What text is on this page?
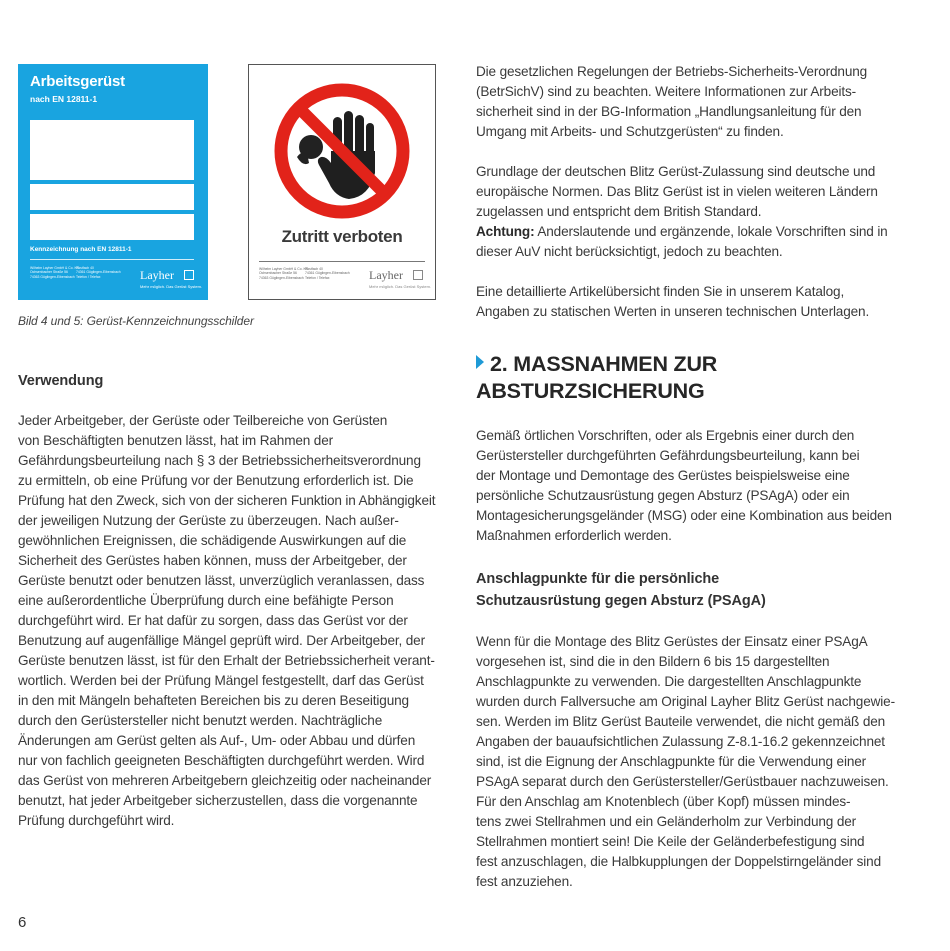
Arbeitsgerüst
nach EN 12811-1
Kennzeichnung nach EN 12811-1
Wilhelm Layher GmbH & Co. KG
Ochsenbacher Straße 56
74363 Güglingen-Eibensbach
Postfach 40
74361 Güglingen-Eibensbach
Telefon / Telefax	Layher
Mehr möglich. Das Gerüst System.
Zutritt verboten
Wilhelm Layher GmbH & Co. KG
Ochsenbacher Straße 56
74363 Güglingen-Eibensbach
Postfach 40
74361 Güglingen-Eibensbach
Telefon / Telefax	Layher
Mehr möglich. Das Gerüst System.
Bild 4 und 5: Gerüst-Kennzeichnungsschilder
Verwendung
Jeder Arbeitgeber, der Gerüste oder Teilbereiche von Gerüsten
von Beschäftigten benutzen lässt, hat im Rahmen der
Gefährdungsbeurteilung nach § 3 der Betriebssicherheitsverordnung
zu ermitteln, ob eine Prüfung vor der Benutzung erforderlich ist. Die
Prüfung hat den Zweck, sich von der sicheren Funktion in Abhängigkeit
der jeweiligen Nutzung der Gerüste zu überzeugen. Nach außer-
gewöhnlichen Ereignissen, die schädigende Auswirkungen auf die
Sicherheit des Gerüstes haben können, muss der Arbeitgeber, der
Gerüste benutzt oder benutzen lässt, unverzüglich veranlassen, dass
eine außerordentliche Überprüfung durch eine befähigte Person
durchgeführt wird. Er hat dafür zu sorgen, dass das Gerüst vor der
Benutzung auf augenfällige Mängel geprüft wird. Der Arbeitgeber, der
Gerüste benutzen lässt, ist für den Erhalt der Betriebssicherheit verant-
wortlich. Werden bei der Prüfung Mängel festgestellt, darf das Gerüst
in den mit Mängeln behafteten Bereichen bis zu deren Beseitigung
durch den Gerüstersteller nicht benutzt werden. Nachträgliche
Änderungen am Gerüst gelten als Auf-, Um- oder Abbau und dürfen
nur von fachlich geeigneten Beschäftigten durchgeführt werden. Wird
das Gerüst von mehreren Arbeitgebern gleichzeitig oder nacheinander
benutzt, hat jeder Arbeitgeber sicherzustellen, dass die vorgenannte
Prüfung durchgeführt wird.
Die gesetzlichen Regelungen der Betriebs-Sicherheits-Verordnung
(BetrSichV) sind zu beachten. Weitere Informationen zur Arbeits-
sicherheit sind in der BG-Information „Handlungsanleitung für den
Umgang mit Arbeits- und Schutzgerüsten“ zu finden.
Grundlage der deutschen Blitz Gerüst-Zulassung sind deutsche und
europäische Normen. Das Blitz Gerüst ist in vielen weiteren Ländern
zugelassen und entspricht dem British Standard.
Achtung: Anderslautende und ergänzende, lokale Vorschriften sind in
dieser AuV nicht berücksichtigt, jedoch zu beachten.
Eine detaillierte Artikelübersicht finden Sie in unserem Katalog,
Angaben zu statischen Werten in unseren technischen Unterlagen.
2. MASSNAHMEN ZUR
ABSTURZSICHERUNG
Gemäß örtlichen Vorschriften, oder als Ergebnis einer durch den
Gerüstersteller durchgeführten Gefährdungsbeurteilung, kann bei
der Montage und Demontage des Gerüstes beispielsweise eine
persönliche Schutzausrüstung gegen Absturz (PSAgA) oder ein
Montagesicherungsgeländer (MSG) oder eine Kombination aus beiden
Maßnahmen erforderlich werden.
Anschlagpunkte für die persönliche
Schutzausrüstung gegen Absturz (PSAgA)
Wenn für die Montage des Blitz Gerüstes der Einsatz einer PSAgA
vorgesehen ist, sind die in den Bildern 6 bis 15 dargestellten
Anschlagpunkte zu verwenden. Die dargestellten Anschlagpunkte
wurden durch Fallversuche am Original Layher Blitz Gerüst nachgewie-
sen. Werden im Blitz Gerüst Bauteile verwendet, die nicht gemäß den
Angaben der bauaufsichtlichen Zulassung Z-8.1-16.2 gekennzeichnet
sind, ist die Eignung der Anschlagpunkte für die Verwendung einer
PSAgA separat durch den Gerüstersteller/Gerüstbauer nachzuweisen.
Für den Anschlag am Knotenblech (über Kopf) müssen mindes-
tens zwei Stellrahmen und ein Geländerholm zur Verbindung der
Stellrahmen montiert sein! Die Keile der Geländerbefestigung sind
fest anzuschlagen, die Halbkupplungen der Doppelstirngeländer sind
fest anzuziehen.
6
